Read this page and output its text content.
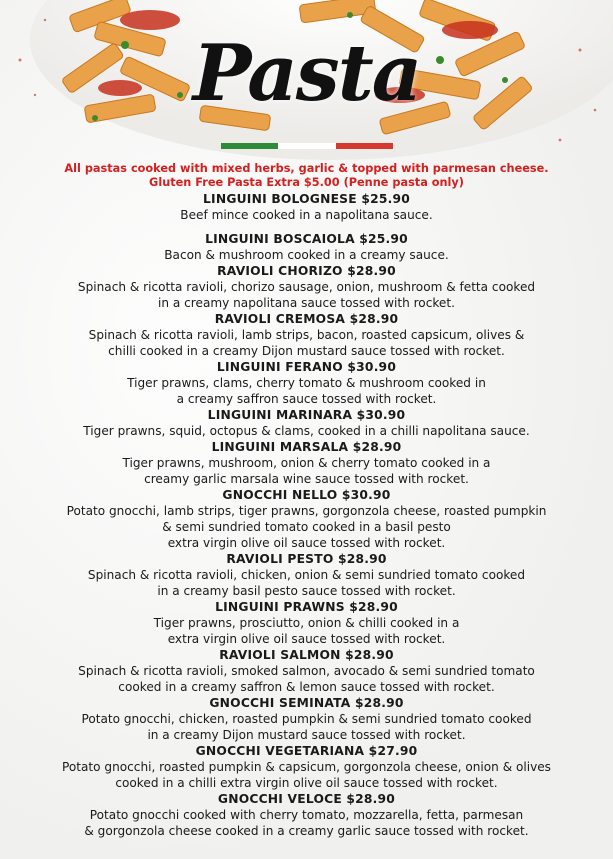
Pasta
All pastas cooked with mixed herbs, garlic & topped with parmesan cheese.
Gluten Free Pasta Extra $5.00 (Penne pasta only)
LINGUINI BOLOGNESE $25.90
Beef mince cooked in a napolitana sauce.
LINGUINI BOSCAIOLA $25.90
Bacon & mushroom cooked in a creamy sauce.
RAVIOLI CHORIZO $28.90
Spinach & ricotta ravioli, chorizo sausage, onion, mushroom & fetta cooked
in a creamy napolitana sauce tossed with rocket.
RAVIOLI CREMOSA $28.90
Spinach & ricotta ravioli, lamb strips, bacon, roasted capsicum, olives &
chilli cooked in a creamy Dijon mustard sauce tossed with rocket.
LINGUINI FERANO $30.90
Tiger prawns, clams, cherry tomato & mushroom cooked in
a creamy saffron sauce tossed with rocket.
LINGUINI MARINARA $30.90
Tiger prawns, squid, octopus & clams, cooked in a chilli napolitana sauce.
LINGUINI MARSALA $28.90
Tiger prawns, mushroom, onion & cherry tomato cooked in a
creamy garlic marsala wine sauce tossed with rocket.
GNOCCHI NELLO $30.90
Potato gnocchi, lamb strips, tiger prawns, gorgonzola cheese, roasted pumpkin
& semi sundried tomato cooked in a basil pesto
extra virgin olive oil sauce tossed with rocket.
RAVIOLI PESTO $28.90
Spinach & ricotta ravioli, chicken, onion & semi sundried tomato cooked
in a creamy basil pesto sauce tossed with rocket.
LINGUINI PRAWNS $28.90
Tiger prawns, prosciutto, onion & chilli cooked in a
extra virgin olive oil sauce tossed with rocket.
RAVIOLI SALMON $28.90
Spinach & ricotta ravioli, smoked salmon, avocado & semi sundried tomato
cooked in a creamy saffron & lemon sauce tossed with rocket.
GNOCCHI SEMINATA $28.90
Potato gnocchi, chicken, roasted pumpkin & semi sundried tomato cooked
in a creamy Dijon mustard sauce tossed with rocket.
GNOCCHI VEGETARIANA $27.90
Potato gnocchi, roasted pumpkin & capsicum, gorgonzola cheese, onion & olives
cooked in a chilli extra virgin olive oil sauce tossed with rocket.
GNOCCHI VELOCE $28.90
Potato gnocchi cooked with cherry tomato, mozzarella, fetta, parmesan
& gorgonzola cheese cooked in a creamy garlic sauce tossed with rocket.
